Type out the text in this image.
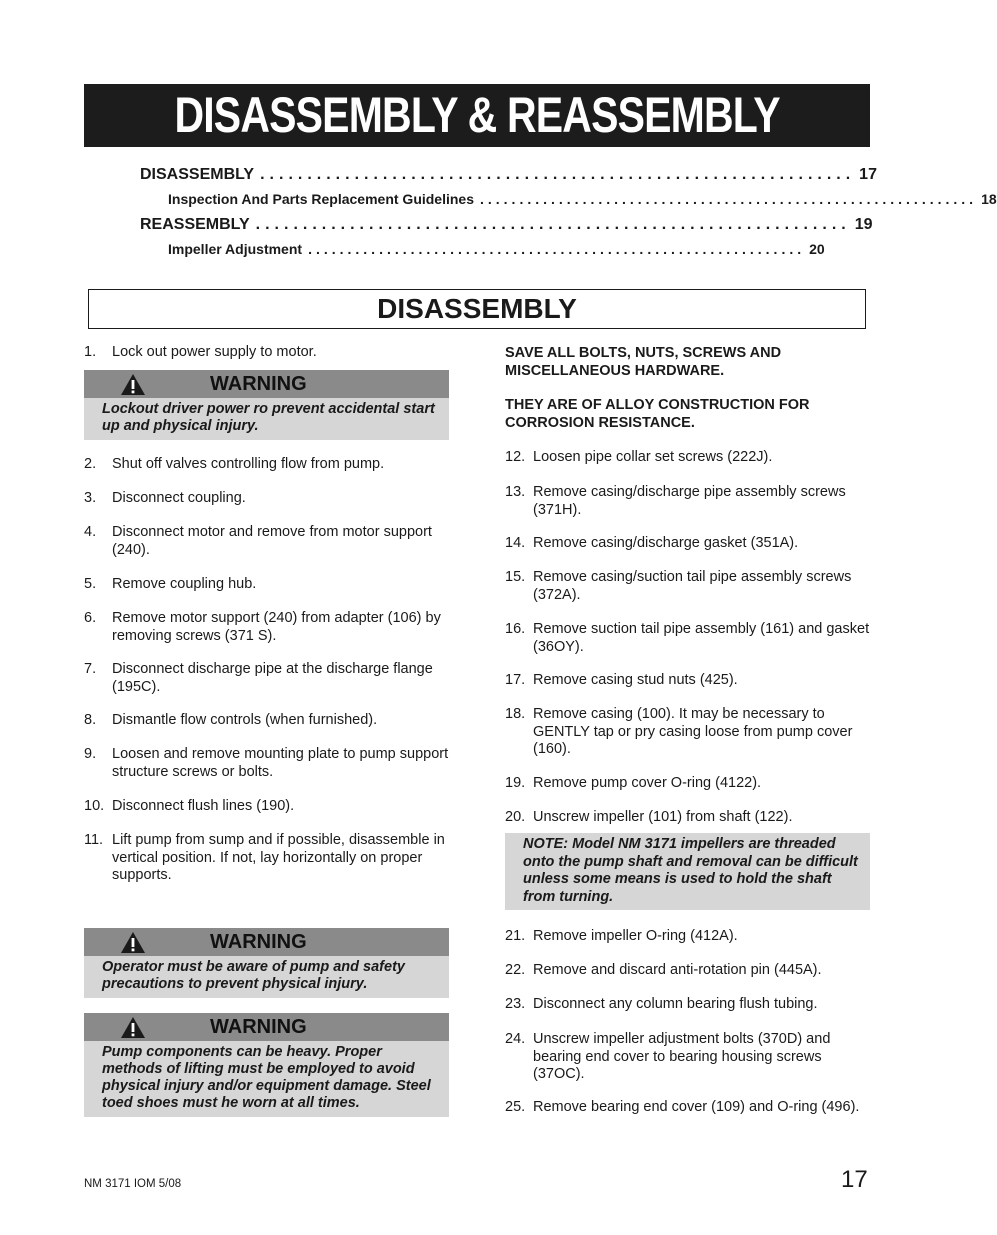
DISASSEMBLY & REASSEMBLY
DISASSEMBLY ............................................................... 17
Inspection And Parts Replacement Guidelines ............................................................... 18
REASSEMBLY ............................................................... 19
Impeller Adjustment ............................................................... 20
DISASSEMBLY
1.	Lock out power supply to motor.
WARNING
Lockout driver power ro prevent accidental start up and physical injury.
2.	Shut off valves controlling flow from pump.
3.	Disconnect coupling.
4.	Disconnect motor and remove from motor support (240).
5.	Remove coupling hub.
6.	Remove motor support (240) from adapter (106) by removing screws (371 S).
7.	Disconnect discharge pipe at the discharge flange (195C).
8.	Dismantle flow controls (when furnished).
9.	Loosen and remove mounting plate to pump support structure screws or bolts.
10. Disconnect flush lines (190).
11. Lift pump from sump and if possible, disassemble in vertical position. If not, lay horizontally on proper supports.
WARNING
Operator must be aware of pump and safety precautions to prevent physical injury.
WARNING
Pump components can be heavy. Proper methods of lifting must be employed to avoid physical injury and/or equipment damage. Steel toed shoes must he worn at all times.
SAVE ALL BOLTS, NUTS, SCREWS AND MISCELLANEOUS HARDWARE.
THEY ARE OF ALLOY CONSTRUCTION FOR CORROSION RESISTANCE.
12. Loosen pipe collar set screws (222J).
13. Remove casing/discharge pipe assembly screws (371H).
14. Remove casing/discharge gasket (351A).
15. Remove casing/suction tail pipe assembly screws (372A).
16. Remove suction tail pipe assembly (161) and gasket (36OY).
17. Remove casing stud nuts (425).
18. Remove casing (100). It may be necessary to GENTLY tap or pry casing loose from pump cover (160).
19. Remove pump cover O-ring (4122).
20. Unscrew impeller (101) from shaft (122).
NOTE: Model NM 3171 impellers are threaded onto the pump shaft and removal can be difficult unless some means is used to hold the shaft from turning.
21. Remove impeller O-ring (412A).
22. Remove and discard anti-rotation pin (445A).
23. Disconnect any column bearing flush tubing.
24. Unscrew impeller adjustment bolts (370D) and bearing end cover to bearing housing screws (37OC).
25. Remove bearing end cover (109) and O-ring (496).
NM 3171 IOM 5/08	17
